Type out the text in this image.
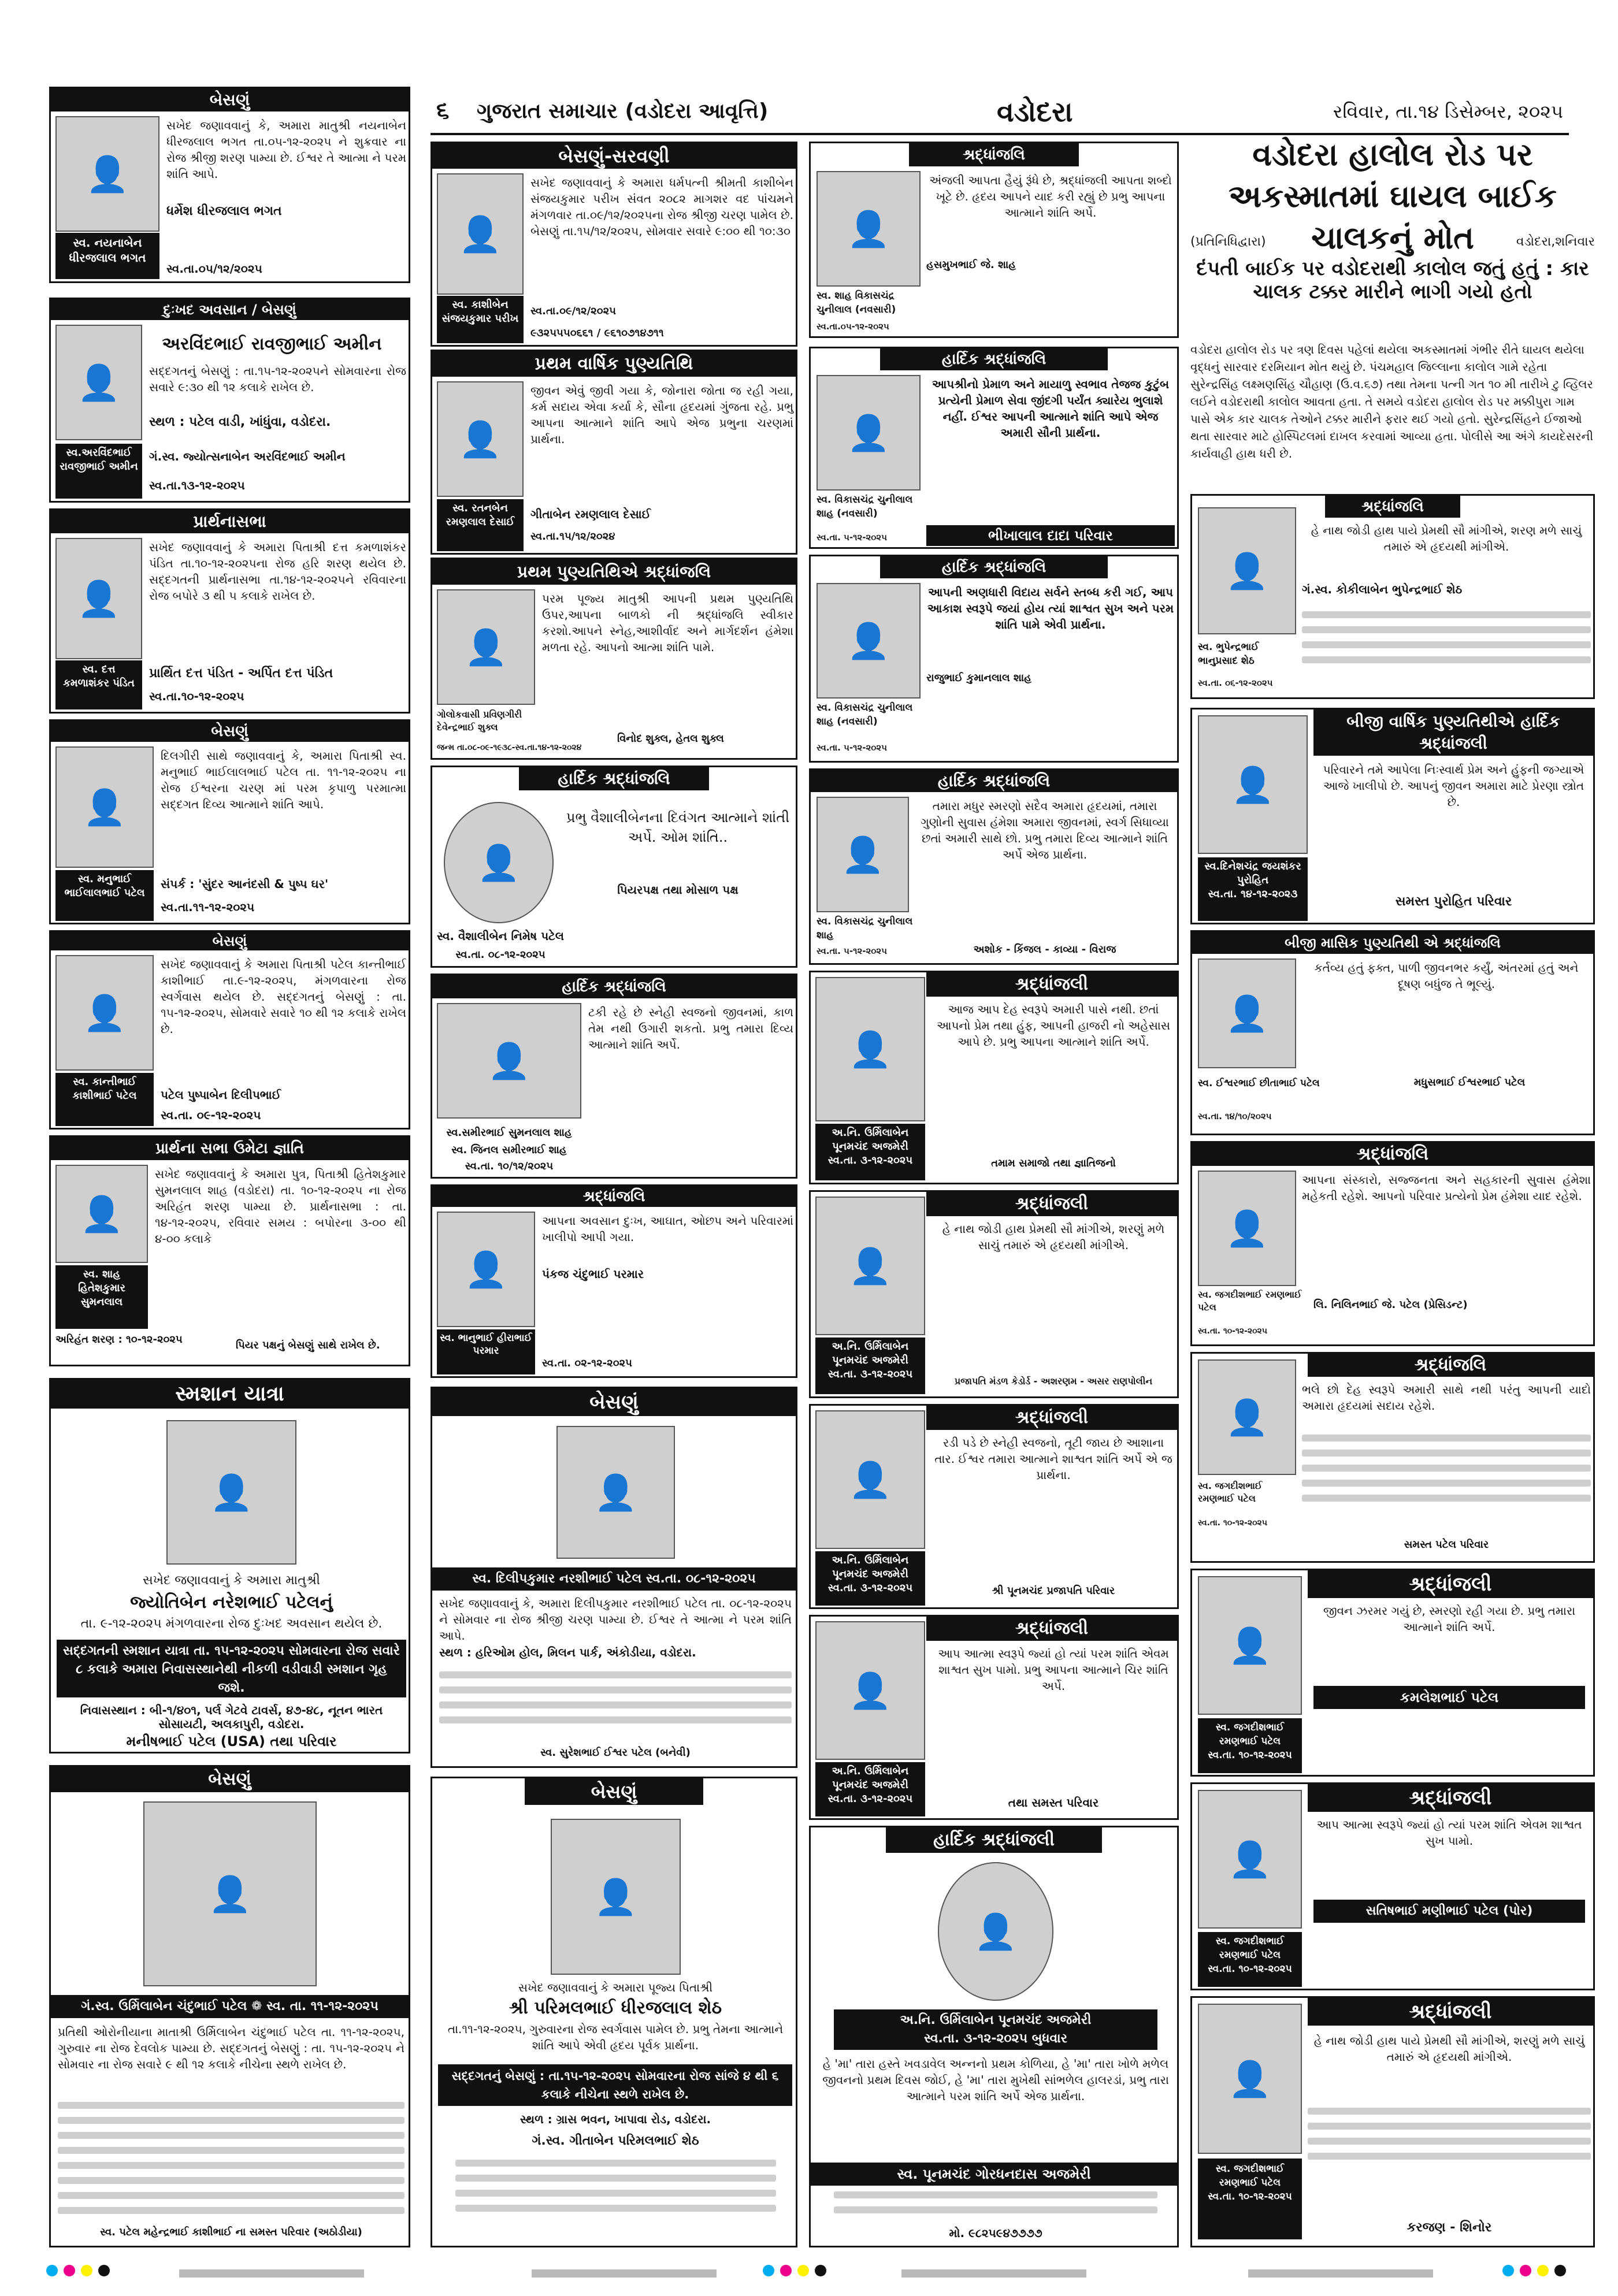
૬ ગુજરાત સમાચાર (વડોદરા આવૃત્તિ)	વડોદરા	રવિવાર, તા.૧૪ ડિસેમ્બર, ૨૦૨૫
બેસણું
👤
સ્વ. નયનાબેન ધીરજલાલ ભગત
સખેદ જણાવવાનું કે, અમારા માતુશ્રી નયનાબેન ધીરજલાલ ભગત તા.૦૫-૧૨-૨૦૨૫ ને શુક્રવાર ના રોજ શ્રીજી શરણ પામ્યા છે. ઈશ્વર તે આત્મા ને પરમ શાંતિ આપે.
ધર્મેશ ધીરજલાલ ભગત
સ્વ.તા.૦૫/૧૨/૨૦૨૫
દુઃખદ અવસાન / બેસણું
અરવિંદભાઈ રાવજીભાઈ અમીન
👤
સદ્દગતનું બેસણું : તા.૧૫-૧૨-૨૦૨૫ને સોમવારના રોજ સવારે ૯:૩૦ થી ૧૨ કલાકે રાખેલ છે.
સ્થળ : પટેલ વાડી, ખાંધુંવા, વડોદરા.
સ્વ.અરવિંદભાઈ રાવજીભાઈ અમીન
ગં.સ્વ. જ્યોત્સનાબેન અરવિંદભાઈ અમીન
સ્વ.તા.૧૩-૧૨-૨૦૨૫
પ્રાર્થનાસભા
👤
સખેદ જણાવવાનું કે અમારા પિતાશ્રી દત્ત કમળાશંકર પંડિત તા.૧૦-૧૨-૨૦૨૫ના રોજ હરિ શરણ થયેલ છે. સદ્દગતની પ્રાર્થનાસભા તા.૧૪-૧૨-૨૦૨૫ને રવિવારના રોજ બપોરે ૩ થી ૫ કલાકે રાખેલ છે.
સ્વ. દત્ત કમળાશંકર પંડિત
પ્રાર્થિત દત્ત પંડિત - અર્પિત દત્ત પંડિત
સ્વ.તા.૧૦-૧૨-૨૦૨૫
બેસણું
👤
દિલગીરી સાથે જણાવવાનું કે, અમારા પિતાશ્રી સ્વ. મનુભાઈ ભાઈલાલભાઈ પટેલ તા. ૧૧-૧૨-૨૦૨૫ ના રોજ ઈશ્વરના ચરણ માં પરમ કૃપાળુ પરમાત્મા સદ્દગત દિવ્ય આત્માને શાંતિ આપે.
સ્વ. મનુભાઈ ભાઈલાલભાઈ પટેલ
સંપર્ક : 'સુંદર આનંદસી & પુષ્પ ઘર'
સ્વ.તા.૧૧-૧૨-૨૦૨૫
બેસણું
👤
સખેદ જણાવવાનું કે અમારા પિતાશ્રી પટેલ કાન્તીભાઈ કાશીભાઈ તા.૯-૧૨-૨૦૨૫, મંગળવારના રોજ સ્વર્ગવાસ થયેલ છે. સદ્દગતનું બેસણું : તા. ૧૫-૧૨-૨૦૨૫, સોમવારે સવારે ૧૦ થી ૧૨ કલાકે રાખેલ છે.
સ્વ. કાન્તીભાઈ કાશીભાઈ પટેલ	પટેલ પુષ્પાબેન દિલીપભાઈ
સ્વ.તા. ૦૯-૧૨-૨૦૨૫
પ્રાર્થના સભા ઉમેટા જ્ઞાતિ
👤
સખેદ જણાવવાનું કે અમારા પુત્ર, પિતાશ્રી હિતેશકુમાર સુમનલાલ શાહ (વડોદરા) તા. ૧૦-૧૨-૨૦૨૫ ના રોજ અરિહંત શરણ પામ્યા છે. પ્રાર્થનાસભા : તા. ૧૪-૧૨-૨૦૨૫, રવિવાર સમય : બપોરના ૩-૦૦ થી ૪-૦૦ કલાકે
સ્વ. શાહ હિતેશકુમાર સુમનલાલ
અરિહંત શરણ : ૧૦-૧૨-૨૦૨૫	પિયર પક્ષનું બેસણું સાથે રાખેલ છે.
સ્મશાન યાત્રા
👤
સખેદ જણાવવાનું કે અમારા માતુશ્રી
જ્યોતિબેન નરેશભાઈ પટેલનું
તા. ૯-૧૨-૨૦૨૫ મંગળવારના રોજ દુઃખદ અવસાન થયેલ છે.
સદ્દગતની સ્મશાન યાત્રા તા. ૧૫-૧૨-૨૦૨૫ સોમવારના રોજ સવારે ૮ કલાકે અમારા નિવાસસ્થાનેથી નીકળી વડીવાડી સ્મશાન ગૃહ જશે.
નિવાસસ્થાન : બી-૧/૪૦૧, પર્લ ગેટવે ટાવર્સ, ૪૭-૪૮, નૂતન ભારત સોસાયટી, અલકાપુરી, વડોદરા.
મનીષભાઈ પટેલ (USA) તથા પરિવાર
બેસણું
👤
ગં.સ્વ. ઉર્મિલાબેન ચંદુભાઈ પટેલ ❁ સ્વ. તા. ૧૧-૧૨-૨૦૨૫
પ્રતિથી ઓરોનીયાના માતાશ્રી ઉર્મિલાબેન ચંદુભાઈ પટેલ તા. ૧૧-૧૨-૨૦૨૫, ગુરુવાર ના રોજ દેવલોક પામ્યા છે. સદ્દગતનું બેસણું : તા. ૧૫-૧૨-૨૦૨૫ ને સોમવાર ના રોજ સવારે ૯ થી ૧૨ કલાકે નીચેના સ્થળે રાખેલ છે.
સ્વ. પટેલ મહેન્દ્રભાઈ કાશીભાઈ ના સમસ્ત પરિવાર (અઠોડીયા)
બેસણું-સરવણી
👤
સખેદ જણાવવાનું કે અમારા ધર્મપત્ની શ્રીમતી કાશીબેન સંજયકુમાર પરીખ સંવત ૨૦૮૨ માગશર વદ પાંચમને મંગળવાર તા.૦૯/૧૨/૨૦૨૫ના રોજ શ્રીજી ચરણ પામેલ છે. બેસણું તા.૧૫/૧૨/૨૦૨૫, સોમવાર સવારે ૯:૦૦ થી ૧૦:૩૦
સ્વ. કાશીબેન સંજયકુમાર પરીખ
સ્વ.તા.૦૯/૧૨/૨૦૨૫
૯૩૨૫૫૫૦૬૬૧ / ૯૬૧૦૭૧૪૭૧૧
પ્રથમ વાર્ષિક પુણ્યતિથિ
👤
જીવન એવું જીવી ગયા કે, જોનારા જોતા જ રહી ગયા, કર્મ સદાય એવા કર્યા કે, સૌના હૃદયમાં ગુંજતા રહે. પ્રભુ આપના આત્માને શાંતિ આપે એજ પ્રભુના ચરણમાં પ્રાર્થના.
સ્વ. રતનબેન રમણલાલ દેસાઈ
ગીતાબેન રમણલાલ દેસાઈ
સ્વ.તા.૧૫/૧૨/૨૦૨૪
પ્રથમ પુણ્યતિથિએ શ્રદ્ધાંજલિ
👤
પરમ પૂજ્ય માતુશ્રી આપની પ્રથમ પુણ્યતિથિ ઉપર,આપના બાળકો ની શ્રદ્ધાંજલિ સ્વીકાર કરશો.આપને સ્નેહ,આશીર્વાદ અને માર્ગદર્શન હંમેશા મળતા રહે. આપનો આત્મા શાંતિ પામે.
ગોલોકવાસી પ્રવિણગીરી દેવેન્દ્રભાઈ શુક્લ
જન્મ તા.૦૮-૦૯-૧૯૩૮-સ્વ.તા.૧૪-૧૨-૨૦૨૪
વિનોદ શુક્લ, હેતલ શુક્લ
હાર્દિક શ્રદ્ધાંજલિ
👤
પ્રભુ વૈશાલીબેનના દિવંગત આત્માને શાંતી અર્પે. ઓમ શાંતિ..
પિયરપક્ષ તથા મોસાળ પક્ષ
સ્વ. વૈશાલીબેન નિમેષ પટેલ
સ્વ.તા. ૦૮-૧૨-૨૦૨૫
હાર્દિક શ્રદ્ધાંજલિ
👤
ટકી રહે છે સ્નેહી સ્વજનો જીવનમાં, કાળ તેમ નથી ઉગારી શકતો. પ્રભુ તમારા દિવ્ય આત્માને શાંતિ અર્પે.
સ્વ.સમીરભાઈ સુમનલાલ શાહ
સ્વ. જિનલ સમીરભાઈ શાહ
સ્વ.તા. ૧૦/૧૨/૨૦૨૫
શ્રદ્ધાંજલિ
👤
આપના અવસાન દુઃખ, આઘાત, ઓછપ અને પરિવારમાં ખાલીપો આપી ગયા.
પંકજ ચંદુભાઈ પરમાર
સ્વ. ભાનુભાઈ હીરાભાઈ પરમાર
સ્વ.તા. ૦૨-૧૨-૨૦૨૫
બેસણું
👤
સ્વ. દિલીપકુમાર નરશીભાઈ પટેલ સ્વ.તા. ૦૮-૧૨-૨૦૨૫
સખેદ જણાવવાનું કે, અમારા દિલીપકુમાર નરશીભાઈ પટેલ તા. ૦૮-૧૨-૨૦૨૫ ને સોમવાર ના રોજ શ્રીજી ચરણ પામ્યા છે. ઈશ્વર તે આત્મા ને પરમ શાંતિ આપે.
સ્થળ : હરિઓમ હોલ, મિલન પાર્ક, અંકોડીયા, વડોદરા.
સ્વ. સુરેશભાઈ ઈશ્વર પટેલ (બનેવી)
બેસણું
👤
સખેદ જણાવવાનું કે અમારા પૂજ્ય પિતાશ્રી
શ્રી પરિમલભાઈ ધીરજલાલ શેઠ
તા.૧૧-૧૨-૨૦૨૫, ગુરુવારના રોજ સ્વર્ગવાસ પામેલ છે. પ્રભુ તેમના આત્માને શાંતિ આપે એવી હૃદય પૂર્વક પ્રાર્થના.
સદ્દગતનું બેસણું : તા.૧૫-૧૨-૨૦૨૫ સોમવારના રોજ સાંજે ૪ થી ૬ કલાકે નીચેના સ્થળે રાખેલ છે.
સ્થળ : ગ્રાસ ભવન, ખાપાવા રોડ, વડોદરા.
ગં.સ્વ. ગીતાબેન પરિમલભાઈ શેઠ
શ્રદ્ધાંજલિ
👤
અંજલી આપતા હૈયું રૂંધે છે, શ્રદ્ધાંજલી આપતા શબ્દો ખૂટે છે. હૃદય આપને યાદ કરી રહ્યું છે પ્રભુ આપના આત્માને શાંતિ અર્પે.
હસમુખભાઈ જે. શાહ
સ્વ. શાહ વિકાસચંદ્ર ચુનીલાલ (નવસારી)
સ્વ.તા.૦૫-૧૨-૨૦૨૫
હાર્દિક શ્રદ્ધાંજલિ
👤
આપશ્રીનો પ્રેમાળ અને માયાળુ સ્વભાવ તેજજ કુટુંબ પ્રત્યેની પ્રેમાળ સેવા જીંદગી પર્યંત ક્યારેય ભુલાશે નહીં. ઈશ્વર આપની આત્માને શાંતિ આપે એજ અમારી સૌની પ્રાર્થના.
સ્વ. વિકાસચંદ્ર ચુનીલાલ શાહ (નવસારી)
સ્વ.તા. ૫-૧૨-૨૦૨૫	ભીખાલાલ દાદા પરિવાર
હાર્દિક શ્રદ્ધાંજલિ
👤
આપની અણધારી વિદાય સર્વને સ્તબ્ધ કરી ગઈ, આપ આકાશ સ્વરૂપે જયાં હોય ત્યાં શાશ્વત સુખ અને પરમ શાંતિ પામે એવી પ્રાર્થના.
રાજુભાઈ કુમાનલાલ શાહ
સ્વ. વિકાસચંદ્ર ચુનીલાલ શાહ (નવસારી)
સ્વ.તા. ૫-૧૨-૨૦૨૫
હાર્દિક શ્રદ્ધાંજલિ
👤
તમારા મધુર સ્મરણો સદૈવ અમારા હૃદયમાં, તમારા ગુણોની સુવાસ હંમેશા અમારા જીવનમાં, સ્વર્ગ સિધાવ્યા છતાં અમારી સાથે છો. પ્રભુ તમારા દિવ્ય આત્માને શાંતિ અર્પે એજ પ્રાર્થના.
સ્વ. વિકાસચંદ્ર ચુનીલાલ શાહ
સ્વ.તા. ૫-૧૨-૨૦૨૫	અશોક - કિંજલ - કાવ્યા - વિરાજ
શ્રદ્ધાંજલી
👤
આજ આપ દેહ સ્વરૂપે અમારી પાસે નથી. છતાં આપનો પ્રેમ તથા હુંફ, આપની હાજરી નો અહેસાસ આપે છે. પ્રભુ આપના આત્માને શાંતિ અર્પે.
અ.નિ. ઉર્મિલાબેન પૂનમચંદ અજમેરી
સ્વ.તા. ૩-૧૨-૨૦૨૫	તમામ સમાજો તથા જ્ઞાતિજનો
શ્રદ્ધાંજલી
👤
હે નાથ જોડી હાથ પ્રેમથી સૌ માંગીએ, શરણું મળે સાચું તમારું એ હૃદયથી માંગીએ.
અ.નિ. ઉર્મિલાબેન પૂનમચંદ અજમેરી
સ્વ.તા. ૩-૧૨-૨૦૨૫
પ્રજાપતિ મંડળ કેડોર્ડ - અશરણમ - અસર રાણપોલીન
શ્રદ્ધાંજલી
👤
રડી પડે છે સ્નેહી સ્વજનો, તૂટી જાય છે આશાના તાર. ઈશ્વર તમારા આત્માને શાશ્વત શાંતિ અર્પે એ જ પ્રાર્થના.
અ.નિ. ઉર્મિલાબેન પૂનમચંદ અજમેરી
સ્વ.તા. ૩-૧૨-૨૦૨૫	શ્રી પૂનમચંદ પ્રજાપતિ પરિવાર
શ્રદ્ધાંજલી
👤
આપ આત્મા સ્વરૂપે જ્યાં હો ત્યાં પરમ શાંતિ એવમ શાશ્વત સુખ પામો. પ્રભુ આપના આત્માને ચિર શાંતિ અર્પે.
અ.નિ. ઉર્મિલાબેન પૂનમચંદ અજમેરી
સ્વ.તા. ૩-૧૨-૨૦૨૫	તથા સમસ્ત પરિવાર
હાર્દિક શ્રદ્ધાંજલી
👤
અ.નિ. ઉર્મિલાબેન પૂનમચંદ અજમેરી
સ્વ.તા. ૩-૧૨-૨૦૨૫ બુધવાર
હે 'મા' તારા હસ્તે ખવડાવેલ અન્નનો પ્રથમ કોળિયા, હે 'મા' તારા ખોળે મળેલ જીવનનો પ્રથમ દિવસ જોઈ, હે 'મા' તારા મુખેથી સાંભળેલ હાલરડાં, પ્રભુ તારા આત્માને પરમ શાંતિ અર્પે એજ પ્રાર્થના.
સ્વ. પૂનમચંદ ગોરધનદાસ અજમેરી
મો. ૯૮૨૫૯૪૭૭૭૭
વડોદરા હાલોલ રોડ પર અકસ્માતમાં ઘાયલ બાઈક ચાલકનું મોત
(પ્રતિનિધિદ્વારા)	વડોદરા,શનિવાર
દંપતી બાઈક પર વડોદરાથી કાલોલ જતું હતું : કાર ચાલક ટક્કર મારીને ભાગી ગયો હતો
વડોદરા હાલોલ રોડ પર ત્રણ દિવસ પહેલાં થયેલા અકસ્માતમાં ગંભીર રીતે ઘાયલ થયેલા વૃદ્ધનું સારવાર દરમિયાન મોત થયું છે. પંચમહાલ જિલ્લાના કાલોલ ગામે રહેતા સુરેન્દ્રસિંહ લક્ષ્મણસિંહ ચૌહાણ (ઉ.વ.૬૭) તથા તેમના પત્ની ગત ૧૦ મી તારીખે ટુ વ્હિલર લઈને વડોદરાથી કાલોલ આવતા હતા. તે સમયે વડોદરા હાલોલ રોડ પર મક્કીપુરા ગામ પાસે એક કાર ચાલક તેઓને ટક્કર મારીને ફરાર થઈ ગયો હતો. સુરેન્દ્રસિંહને ઈજાઓ થતા સારવાર માટે હોસ્પિટલમાં દાખલ કરવામાં આવ્યા હતા. પોલીસે આ અંગે કાયદેસરની કાર્યવાહી હાથ ધરી છે.
શ્રદ્ધાંજલિ
👤
હે નાથ જોડી હાથ પાયે પ્રેમથી સૌ માંગીએ, શરણ મળે સાચું તમારું એ હૃદયથી માંગીએ.
ગં.સ્વ. કોકીલાબેન ભુપેન્દ્રભાઈ શેઠ
સ્વ. ભુપેન્દ્રભાઈ ભાનુપ્રસાદ શેઠ
સ્વ.તા. ૦૬-૧૨-૨૦૨૫
બીજી વાર્ષિક પુણ્યતિથીએ હાર્દિક શ્રદ્ધાંજલી
👤
પરિવારને તમે આપેલા નિઃસ્વાર્થ પ્રેમ અને હુંફની જગ્યાએ આજે ખાલીપો છે. આપનું જીવન અમારા માટે પ્રેરણા સ્ત્રોત છે.
સ્વ.દિનેશચંદ્ર જયશંકર પુરોહિત
સ્વ.તા. ૧૪-૧૨-૨૦૨૩
સમસ્ત પુરોહિત પરિવાર
બીજી માસિક પુણ્યતિથી એ શ્રદ્ધાંજલિ
👤
કર્તવ્ય હતું ફક્ત, પાળી જીવનભર કર્યું, અંતરમાં હતું અને દૂષણ બધુંજ તે ભૂલ્યું.
સ્વ. ઈશ્વરભાઈ છીતાભાઈ પટેલ
સ્વ.તા. ૧૪/૧૦/૨૦૨૫
મધુસભાઈ ઈશ્વરભાઈ પટેલ
શ્રદ્ધાંજલિ
👤
આપના સંસ્કારો, સજ્જનતા અને સહકારની સુવાસ હંમેશા મહેકતી રહેશે. આપનો પરિવાર પ્રત્યેનો પ્રેમ હંમેશા યાદ રહેશે.
સ્વ. જગદીશભાઈ રમણભાઈ પટેલ
સ્વ.તા. ૧૦-૧૨-૨૦૨૫
લિ. નિલિનભાઈ જે. પટેલ (પ્રેસિડન્ટ)
શ્રદ્ધાંજલિ
👤
ભલે છો દેહ સ્વરૂપે અમારી સાથે નથી પરંતુ આપની યાદો અમારા હૃદયમાં સદાય રહેશે.
સ્વ. જગદીશભાઈ રમણભાઈ પટેલ
સ્વ.તા. ૧૦-૧૨-૨૦૨૫
સમસ્ત પટેલ પરિવાર
શ્રદ્ધાંજલી
👤
જીવન ઝરમર ગયું છે, સ્મરણો રહી ગયા છે. પ્રભુ તમારા આત્માને શાંતિ અર્પે.
કમલેશભાઈ પટેલ
સ્વ. જગદીશભાઈ રમણભાઈ પટેલ
સ્વ.તા. ૧૦-૧૨-૨૦૨૫
શ્રદ્ધાંજલી
👤
આપ આત્મા સ્વરૂપે જ્યાં હો ત્યાં પરમ શાંતિ એવમ શાશ્વત સુખ પામો.
સતિષભાઈ મણીભાઈ પટેલ (પોર)
સ્વ. જગદીશભાઈ રમણભાઈ પટેલ
સ્વ.તા. ૧૦-૧૨-૨૦૨૫
શ્રદ્ધાંજલી
👤
હે નાથ જોડી હાથ પાયે પ્રેમથી સૌ માંગીએ, શરણું મળે સાચું તમારું એ હૃદયથી માંગીએ.
કરજણ - શિનોર
સ્વ. જગદીશભાઈ રમણભાઈ પટેલ
સ્વ.તા. ૧૦-૧૨-૨૦૨૫
